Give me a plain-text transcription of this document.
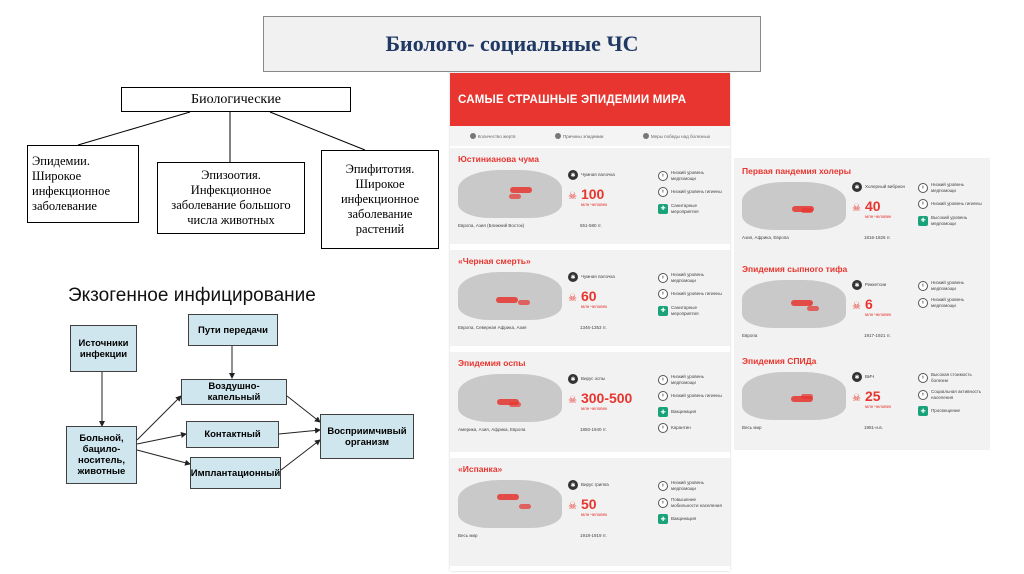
Биолого- социальные ЧС
Биологические
Эпидемии. Широкое инфекционное заболевание
Эпизоотия. Инфекционное заболевание большого числа животных
Эпифитотия. Широкое инфекционное заболевание растений
Экзогенное инфицирование
Источники инфекции
Пути передачи
Воздушно-капельный
Контактный
Имплантационный
Больной, бацило-носитель, животные
Восприимчивый организм
САМЫЕ СТРАШНЫЕ ЭПИДЕМИИ МИРА
Количество жертв	Причины эпидемии	Меры победы над болезнью
Юстинианова чума
Европа, Азия (Ближний Восток)
✱	Чумная палочка
☠ 100
млн человек
551-580 гг.
⚕	Низкий уровень медпомощи
⚕	Низкий уровень гигиены
✚
Санитарные мероприятия
«Черная смерть»
Европа, Северная Африка, Азия
✱	Чумная палочка
☠ 60
млн человек
1346-1353 гг.
⚕	Низкий уровень медпомощи
⚕	Низкий уровень гигиены
✚
Санитарные мероприятия
Эпидемия оспы
Америка, Азия, Африка, Европа
✱	Вирус оспы
☠ 300-500
млн человек
1850-1940 гг.
⚕	Низкий уровень медпомощи
⚕	Низкий уровень гигиены
✚	Вакцинация
⚕	Карантин
«Испанка»
Весь мир
✱	Вирус гриппа
☠ 50
млн человек
1918-1919 гг.
⚕	Низкий уровень медпомощи
⚕	Повышение мобильности населения
✚	Вакцинация
Первая пандемия холеры
Азия, Африка, Европа
✱	Холерный вибрион
☠ 40
млн человек
1816-1826 гг.
⚕	Низкий уровень медпомощи
⚕	Низкий уровень гигиены
✚
Высокий уровень медпомощи
Эпидемия сыпного тифа
Европа
✱	Риккетсии
☠ 6
млн человек
1917-1921 гг.
⚕	Низкий уровень медпомощи
⚕	Низкий уровень медпомощи
Эпидемия СПИДа
Весь мир
✱	ВИЧ
☠ 25
млн человек
1981-н.в.
⚕	Высокая стоимость болезни
⚕	Социальная активность населения
✚	Просвещение
